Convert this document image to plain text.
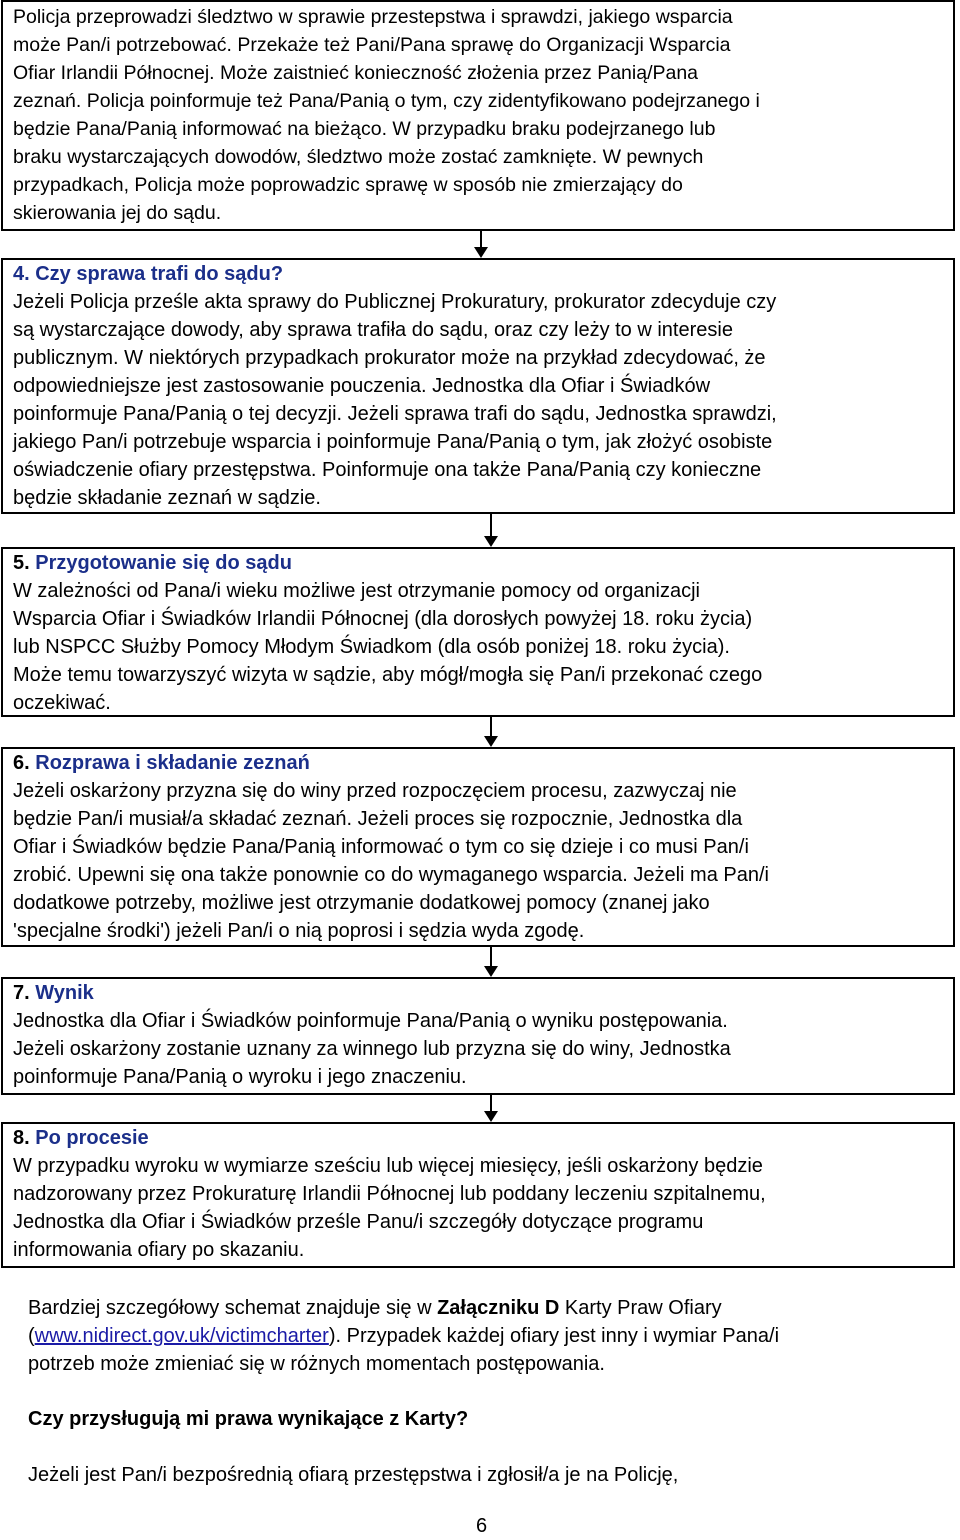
Policja przeprowadzi śledztwo w sprawie przestepstwa i sprawdzi, jakiego wsparcia

może Pan/i potrzebować. Przekaże też Pani/Pana sprawę do Organizacji Wsparcia

Ofiar Irlandii Północnej. Może zaistnieć konieczność złożenia przez Panią/Pana

zeznań. Policja poinformuje też Pana/Panią o tym, czy zidentyfikowano podejrzanego i

będzie Pana/Panią informować na bieżąco. W przypadku braku podejrzanego lub

braku wystarczających dowodów, śledztwo może zostać zamknięte. W pewnych

przypadkach, Policja może poprowadzic sprawę w sposób nie zmierzający do

skierowania jej do sądu.

4. Czy sprawa trafi do sądu?

Jeżeli Policja prześle akta sprawy do Publicznej Prokuratury, prokurator zdecyduje czy

są wystarczające dowody, aby sprawa trafiła do sądu, oraz czy leży to w interesie

publicznym. W niektórych przypadkach prokurator może na przykład zdecydować, że

odpowiedniejsze jest zastosowanie pouczenia. Jednostka dla Ofiar i Świadków

poinformuje Pana/Panią o tej decyzji. Jeżeli sprawa trafi do sądu, Jednostka sprawdzi,

jakiego Pan/i potrzebuje wsparcia i poinformuje Pana/Panią o tym, jak złożyć osobiste

oświadczenie ofiary przestępstwa. Poinformuje ona także Pana/Panią czy konieczne

będzie składanie zeznań w sądzie.

5. Przygotowanie się do sądu

W zależności od Pana/i wieku możliwe jest otrzymanie pomocy od organizacji

Wsparcia Ofiar i Świadków Irlandii Północnej (dla dorosłych powyżej 18. roku życia)

lub NSPCC Służby Pomocy Młodym Świadkom (dla osób poniżej 18. roku życia).

Może temu towarzyszyć wizyta w sądzie, aby mógł/mogła się Pan/i przekonać czego

oczekiwać.

6. Rozprawa i składanie zeznań

Jeżeli oskarżony przyzna się do winy przed rozpoczęciem procesu, zazwyczaj nie

będzie Pan/i musiał/a składać zeznań. Jeżeli proces się rozpocznie, Jednostka dla

Ofiar i Świadków będzie Pana/Panią informować o tym co się dzieje i co musi Pan/i

zrobić. Upewni się ona także ponownie co do wymaganego wsparcia. Jeżeli ma Pan/i

dodatkowe potrzeby, możliwe jest otrzymanie dodatkowej pomocy (znanej jako

'specjalne środki') jeżeli Pan/i o nią poprosi i sędzia wyda zgodę.

7. Wynik

Jednostka dla Ofiar i Świadków poinformuje Pana/Panią o wyniku postępowania.

Jeżeli oskarżony zostanie uznany za winnego lub przyzna się do winy, Jednostka

poinformuje Pana/Panią o wyroku i jego znaczeniu.

8. Po procesie

W przypadku wyroku w wymiarze sześciu lub więcej miesięcy, jeśli oskarżony będzie

nadzorowany przez Prokuraturę Irlandii Północnej lub poddany leczeniu szpitalnemu,

Jednostka dla Ofiar i Świadków prześle Panu/i szczegóły dotyczące programu

informowania ofiary po skazaniu.

Bardziej szczegółowy schemat znajduje się w Załączniku D Karty Praw Ofiary

(www.nidirect.gov.uk/victimcharter). Przypadek każdej ofiary jest inny i wymiar Pana/i

potrzeb może zmieniać się w różnych momentach postępowania.

Czy przysługują mi prawa wynikające z Karty?

Jeżeli jest Pan/i bezpośrednią ofiarą przestępstwa i zgłosił/a je na Policję,

6
